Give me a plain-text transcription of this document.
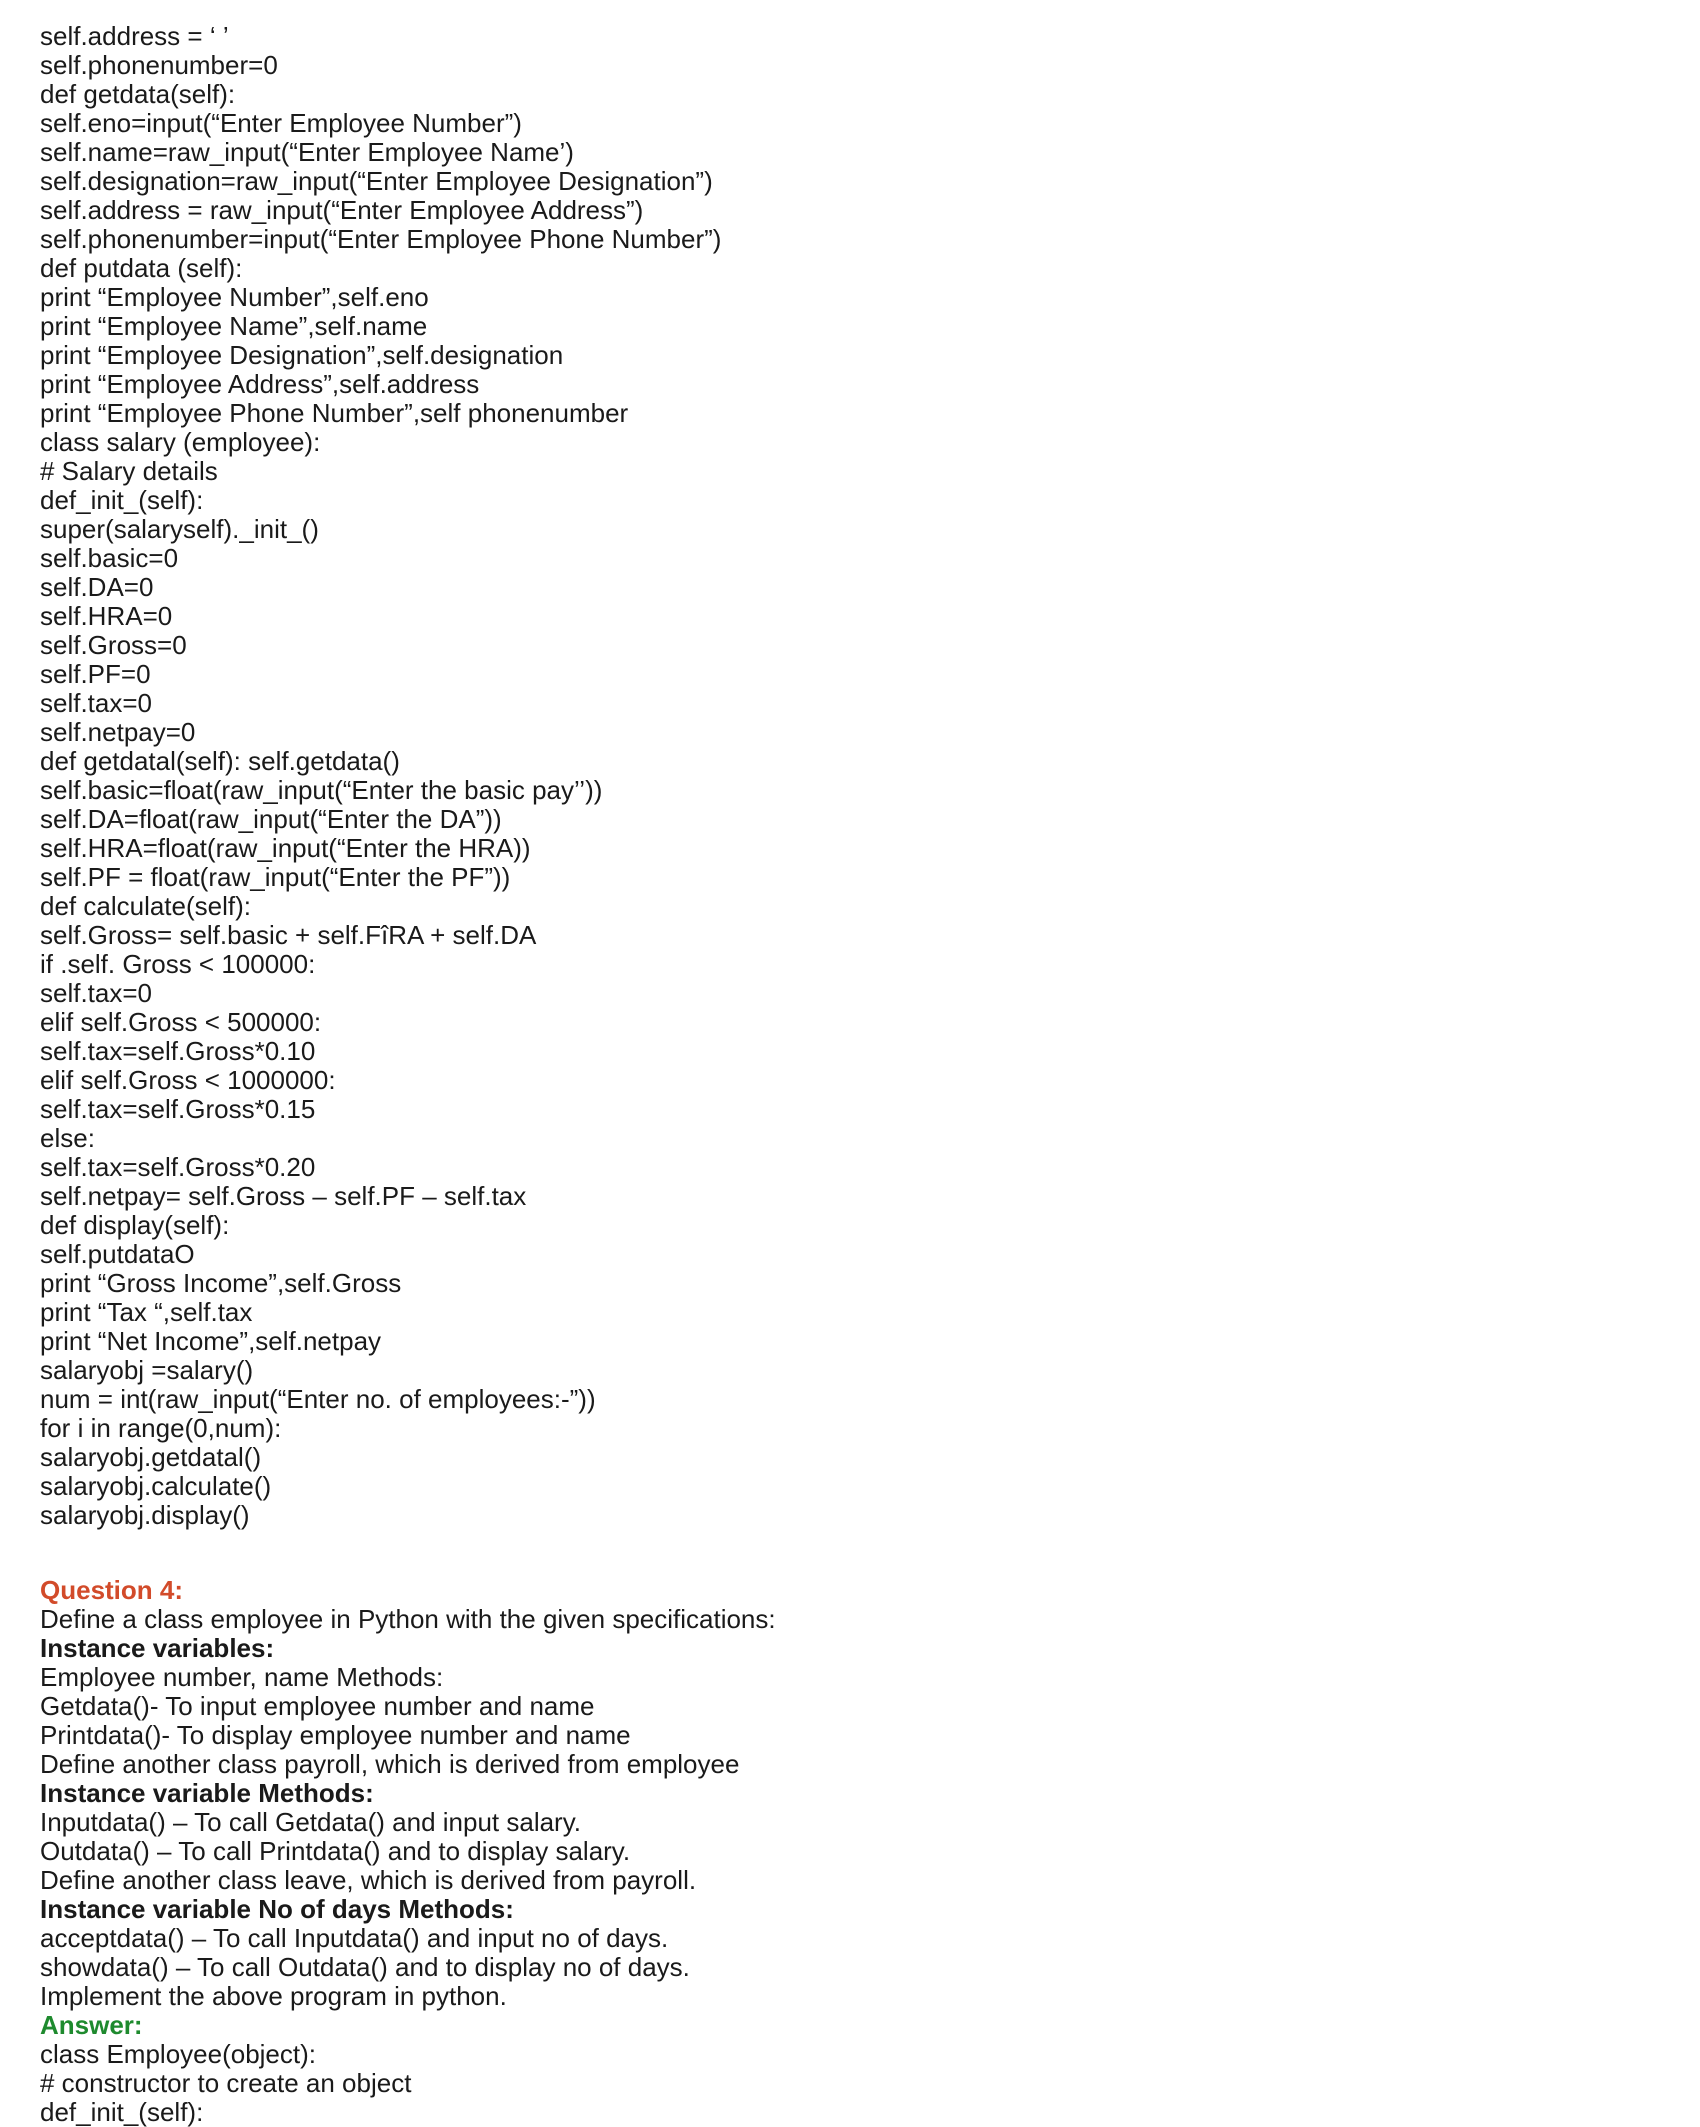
self.address = ‘ ’
self.phonenumber=0
def getdata(self):
self.eno=input(“Enter Employee Number”)
self.name=raw_input(“Enter Employee Name’)
self.designation=raw_input(“Enter Employee Designation”)
self.address = raw_input(“Enter Employee Address”)
self.phonenumber=input(“Enter Employee Phone Number”)
def putdata (self):
print “Employee Number”,self.eno
print “Employee Name”,self.name
print “Employee Designation”,self.designation
print “Employee Address”,self.address
print “Employee Phone Number”,self phonenumber
class salary (employee):
# Salary details
def_init_(self):
super(salaryself)._init_()
self.basic=0
self.DA=0
self.HRA=0
self.Gross=0
self.PF=0
self.tax=0
self.netpay=0
def getdatal(self): self.getdata()
self.basic=float(raw_input(“Enter the basic pay’’))
self.DA=float(raw_input(“Enter the DA”))
self.HRA=float(raw_input(“Enter the HRA))
self.PF = float(raw_input(“Enter the PF”))
def calculate(self):
self.Gross= self.basic + self.FîRA + self.DA
if .self. Gross < 100000:
self.tax=0
elif self.Gross < 500000:
self.tax=self.Gross*0.10
elif self.Gross < 1000000:
self.tax=self.Gross*0.15
else:
self.tax=self.Gross*0.20
self.netpay= self.Gross – self.PF – self.tax
def display(self):
self.putdataO
print “Gross Income”,self.Gross
print “Tax “,self.tax
print “Net Income”,self.netpay
salaryobj =salary()
num = int(raw_input(“Enter no. of employees:-”))
for i in range(0,num):
salaryobj.getdatal()
salaryobj.calculate()
salaryobj.display()
Question 4:
Define a class employee in Python with the given specifications:
Instance variables:
Employee number, name Methods:
Getdata()- To input employee number and name
Printdata()- To display employee number and name
Define another class payroll, which is derived from employee
Instance variable Methods:
Inputdata() – To call Getdata() and input salary.
Outdata() – To call Printdata() and to display salary.
Define another class leave, which is derived from payroll.
Instance variable No of days Methods:
acceptdata() – To call Inputdata() and input no of days.
showdata() – To call Outdata() and to display no of days.
Implement the above program in python.
Answer:
class Employee(object):
# constructor to create an object
def_init_(self):
